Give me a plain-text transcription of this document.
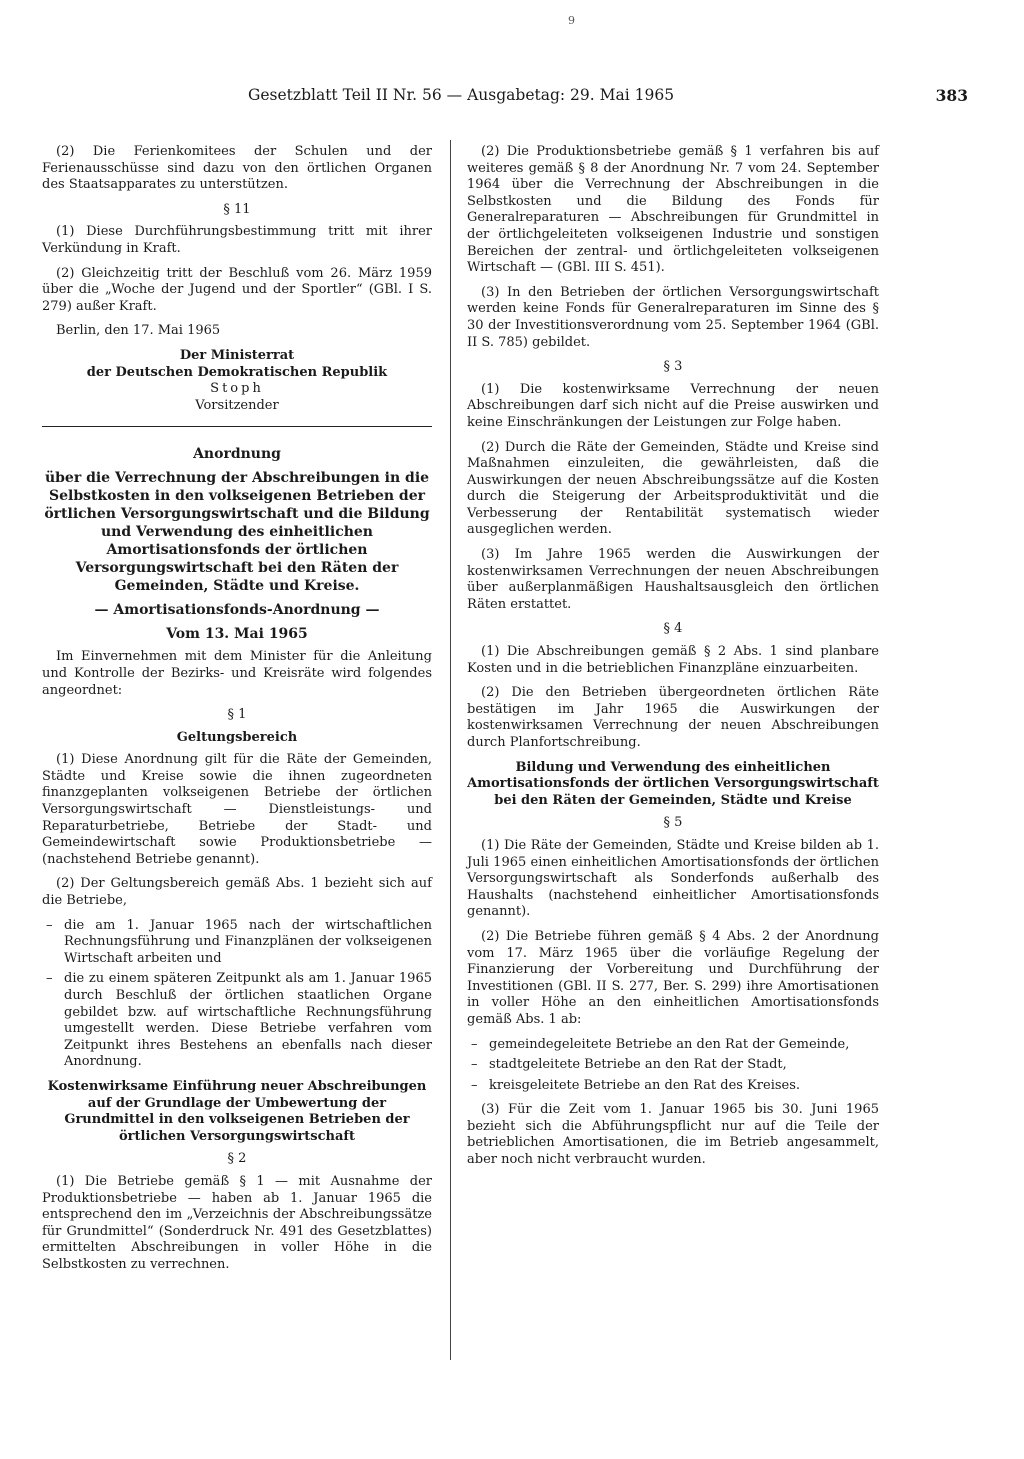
9
Gesetzblatt Teil II Nr. 56 — Ausgabetag: 29. Mai 1965	383

(2) Die Ferienkomitees der Schulen und der Ferienausschüsse sind dazu von den örtlichen Organen des Staatsapparates zu unterstützen.

§ 11

(1) Diese Durchführungsbestimmung tritt mit ihrer Verkündung in Kraft.

(2) Gleichzeitig tritt der Beschluß vom 26. März 1959 über die „Woche der Jugend und der Sportler“ (GBl. I S. 279) außer Kraft.

Berlin, den 17. Mai 1965

Der Ministerrat

der Deutschen Demokratischen Republik

Stoph

Vorsitzender

Anordnung

über die Verrechnung der Abschreibungen in die Selbstkosten in den volkseigenen Betrieben der örtlichen Versorgungswirtschaft und die Bildung und Verwendung des einheitlichen Amortisationsfonds der örtlichen Versorgungswirtschaft bei den Räten der Gemeinden, Städte und Kreise.

— Amortisationsfonds-Anordnung —

Vom 13. Mai 1965

Im Einvernehmen mit dem Minister für die Anleitung und Kontrolle der Bezirks- und Kreisräte wird folgendes angeordnet:

§ 1

Geltungsbereich

(1) Diese Anordnung gilt für die Räte der Gemeinden, Städte und Kreise sowie die ihnen zugeordneten finanzgeplanten volkseigenen Betriebe der örtlichen Versorgungswirtschaft — Dienstleistungs- und Reparaturbetriebe, Betriebe der Stadt- und Gemeindewirtschaft sowie Produktionsbetriebe — (nachstehend Betriebe genannt).

(2) Der Geltungsbereich gemäß Abs. 1 bezieht sich auf die Betriebe,

– die am 1. Januar 1965 nach der wirtschaftlichen Rechnungsführung und Finanzplänen der volkseigenen Wirtschaft arbeiten und
– die zu einem späteren Zeitpunkt als am 1. Januar 1965 durch Beschluß der örtlichen staatlichen Organe gebildet bzw. auf wirtschaftliche Rechnungsführung umgestellt werden. Diese Betriebe verfahren vom Zeitpunkt ihres Bestehens an ebenfalls nach dieser Anordnung.

Kostenwirksame Einführung neuer Abschreibungen auf der Grundlage der Umbewertung der Grundmittel in den volkseigenen Betrieben der örtlichen Versorgungswirtschaft

§ 2

(1) Die Betriebe gemäß § 1 — mit Ausnahme der Produktionsbetriebe — haben ab 1. Januar 1965 die entsprechend den im „Verzeichnis der Abschreibungssätze für Grundmittel“ (Sonderdruck Nr. 491 des Gesetzblattes) ermittelten Abschreibungen in voller Höhe in die Selbstkosten zu verrechnen.

(2) Die Produktionsbetriebe gemäß § 1 verfahren bis auf weiteres gemäß § 8 der Anordnung Nr. 7 vom 24. September 1964 über die Verrechnung der Abschreibungen in die Selbstkosten und die Bildung des Fonds für Generalreparaturen — Abschreibungen für Grundmittel in der örtlichgeleiteten volkseigenen Industrie und sonstigen Bereichen der zentral- und örtlichgeleiteten volkseigenen Wirtschaft — (GBl. III S. 451).

(3) In den Betrieben der örtlichen Versorgungswirtschaft werden keine Fonds für Generalreparaturen im Sinne des § 30 der Investitionsverordnung vom 25. September 1964 (GBl. II S. 785) gebildet.

§ 3

(1) Die kostenwirksame Verrechnung der neuen Abschreibungen darf sich nicht auf die Preise auswirken und keine Einschränkungen der Leistungen zur Folge haben.

(2) Durch die Räte der Gemeinden, Städte und Kreise sind Maßnahmen einzuleiten, die gewährleisten, daß die Auswirkungen der neuen Abschreibungssätze auf die Kosten durch die Steigerung der Arbeitsproduktivität und die Verbesserung der Rentabilität systematisch wieder ausgeglichen werden.

(3) Im Jahre 1965 werden die Auswirkungen der kostenwirksamen Verrechnungen der neuen Abschreibungen über außerplanmäßigen Haushaltsausgleich den örtlichen Räten erstattet.

§ 4

(1) Die Abschreibungen gemäß § 2 Abs. 1 sind planbare Kosten und in die betrieblichen Finanzpläne einzuarbeiten.

(2) Die den Betrieben übergeordneten örtlichen Räte bestätigen im Jahr 1965 die Auswirkungen der kostenwirksamen Verrechnung der neuen Abschreibungen durch Planfortschreibung.

Bildung und Verwendung des einheitlichen Amortisationsfonds der örtlichen Versorgungswirtschaft bei den Räten der Gemeinden, Städte und Kreise

§ 5

(1) Die Räte der Gemeinden, Städte und Kreise bilden ab 1. Juli 1965 einen einheitlichen Amortisationsfonds der örtlichen Versorgungswirtschaft als Sonderfonds außerhalb des Haushalts (nachstehend einheitlicher Amortisationsfonds genannt).

(2) Die Betriebe führen gemäß § 4 Abs. 2 der Anordnung vom 17. März 1965 über die vorläufige Regelung der Finanzierung der Vorbereitung und Durchführung der Investitionen (GBl. II S. 277, Ber. S. 299) ihre Amortisationen in voller Höhe an den einheitlichen Amortisationsfonds gemäß Abs. 1 ab:

– gemeindegeleitete Betriebe an den Rat der Gemeinde,
– stadtgeleitete Betriebe an den Rat der Stadt,
– kreisgeleitete Betriebe an den Rat des Kreises.

(3) Für die Zeit vom 1. Januar 1965 bis 30. Juni 1965 bezieht sich die Abführungspflicht nur auf die Teile der betrieblichen Amortisationen, die im Betrieb angesammelt, aber noch nicht verbraucht wurden.
